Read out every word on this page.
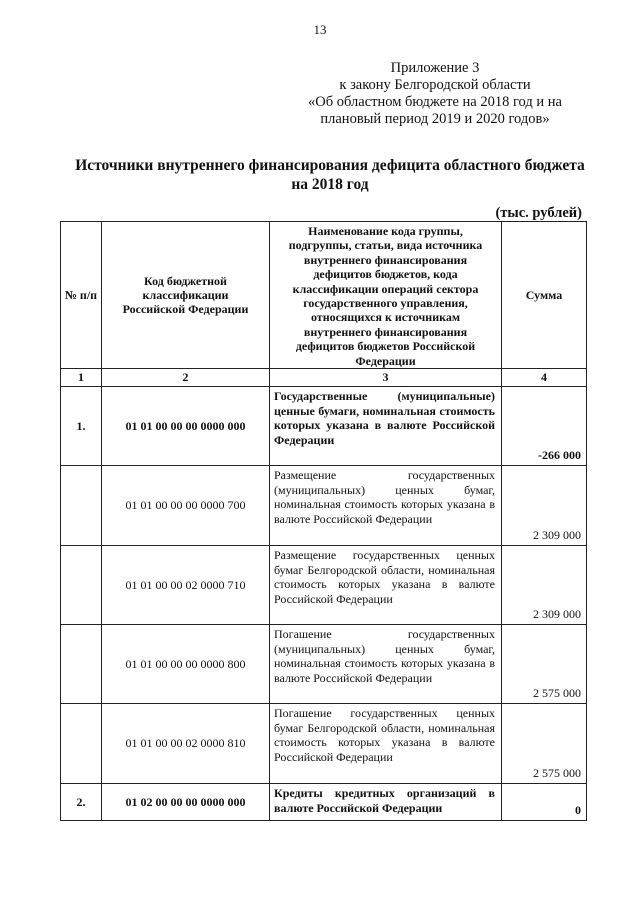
13
Приложение 3
к закону Белгородской области
«Об областном бюджете на 2018 год и на
плановый период 2019 и 2020 годов»
Источники внутреннего финансирования дефицита областного бюджета
на 2018 год
(тыс. рублей)
№ п/п	Код бюджетной классификации Российской Федерации	Наименование кода группы, подгруппы, статьи, вида источника внутреннего финансирования дефицитов бюджетов, кода классификации операций сектора государственного управления, относящихся к источникам внутреннего финансирования дефицитов бюджетов Российской Федерации	Сумма
1	2	3	4
1.	01 01 00 00 00 0000 000	Государственные (муниципальные) ценные бумаги, номинальная стоимость которых указана в валюте Российской Федерации	-266 000
	01 01 00 00 00 0000 700	Размещение государственных (муниципальных) ценных бумаг, номинальная стоимость которых указана в валюте Российской Федерации	2 309 000
	01 01 00 00 02 0000 710	Размещение государственных ценных бумаг Белгородской области, номинальная стоимость которых указана в валюте Российской Федерации	2 309 000
	01 01 00 00 00 0000 800	Погашение государственных (муниципальных) ценных бумаг, номинальная стоимость которых указана в валюте Российской Федерации	2 575 000
	01 01 00 00 02 0000 810	Погашение государственных ценных бумаг Белгородской области, номинальная стоимость которых указана в валюте Российской Федерации	2 575 000
2.	01 02 00 00 00 0000 000	Кредиты кредитных организаций в валюте Российской Федерации	0
